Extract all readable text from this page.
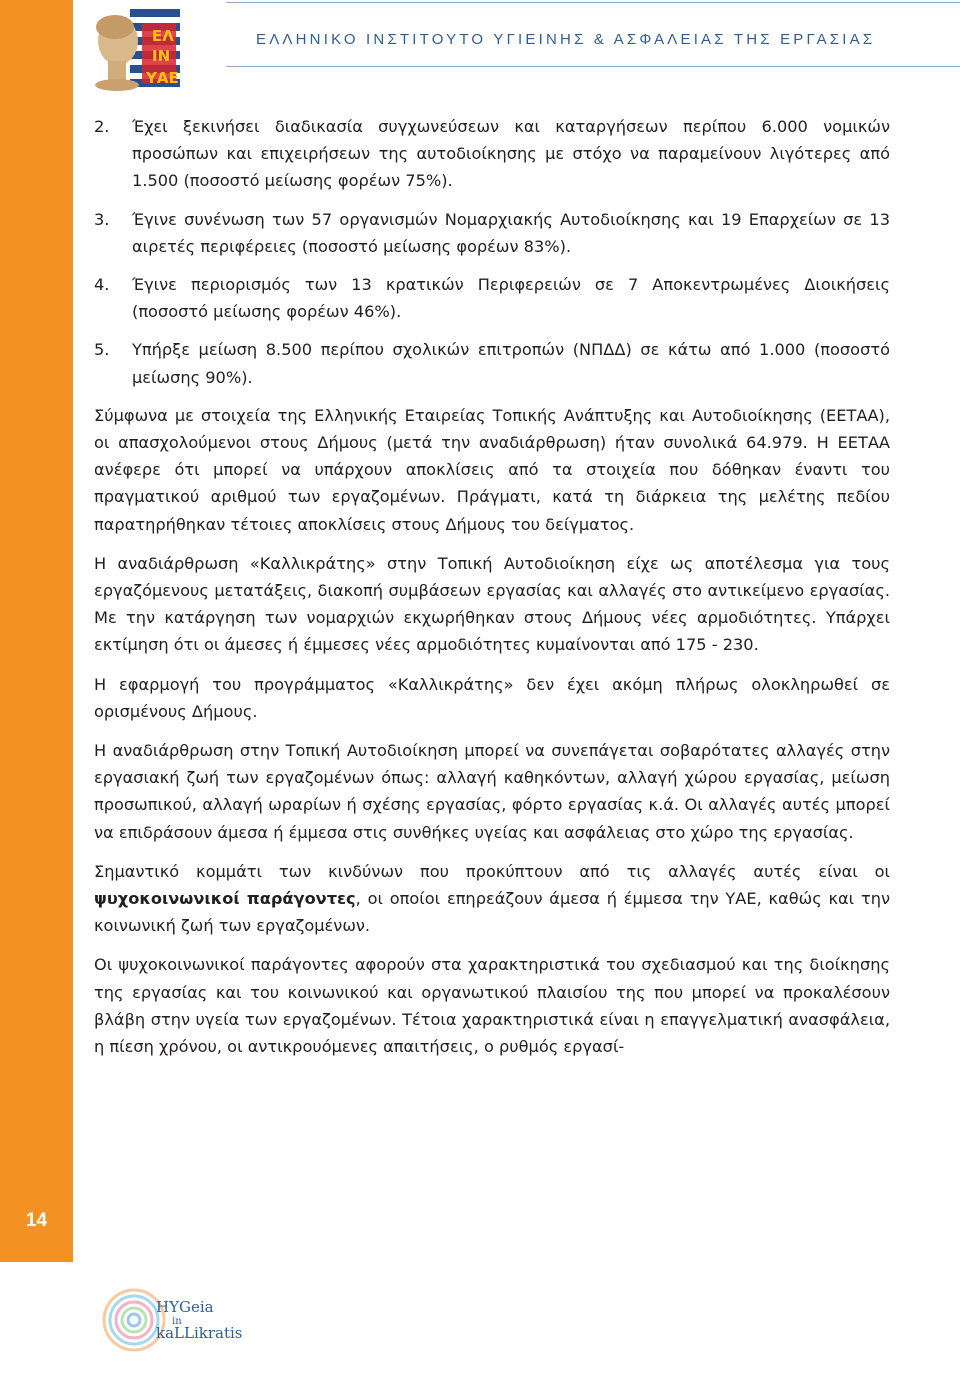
14
ΕΛ
ΙΝ
ΥΑΕ
ΕΛΛΗΝΙΚΟ ΙΝΣΤΙΤΟΥΤΟ ΥΓΙΕΙΝΗΣ & ΑΣΦΑΛΕΙΑΣ ΤΗΣ ΕΡΓΑΣΙΑΣ
2. Έχει ξεκινήσει διαδικασία συγχωνεύσεων και καταργήσεων περίπου 6.000 νομικών προσώπων και επιχειρήσεων της αυτοδιοίκησης με στόχο να παραμείνουν λιγότερες από 1.500 (ποσοστό μείωσης φορέων 75%).
3. Έγινε συνένωση των 57 οργανισμών Νομαρχιακής Αυτοδιοίκησης και 19 Επαρχείων σε 13 αιρετές περιφέρειες (ποσοστό μείωσης φορέων 83%).
4. Έγινε περιορισμός των 13 κρατικών Περιφερειών σε 7 Αποκεντρωμένες Διοικήσεις (ποσοστό μείωσης φορέων 46%).
5. Υπήρξε μείωση 8.500 περίπου σχολικών επιτροπών (ΝΠΔΔ) σε κάτω από 1.000 (ποσοστό μείωσης 90%).

Σύμφωνα με στοιχεία της Ελληνικής Εταιρείας Τοπικής Ανάπτυξης και Αυτοδιοίκησης (ΕΕΤΑΑ), οι απασχολούμενοι στους Δήμους (μετά την αναδιάρθρωση) ήταν συνολικά 64.979. Η ΕΕΤΑΑ ανέφερε ότι μπορεί να υπάρχουν αποκλίσεις από τα στοιχεία που δόθηκαν έναντι του πραγματικού αριθμού των εργαζομένων. Πράγματι, κατά τη διάρκεια της μελέτης πεδίου παρατηρήθηκαν τέτοιες αποκλίσεις στους Δήμους του δείγματος.

Η αναδιάρθρωση «Καλλικράτης» στην Τοπική Αυτοδιοίκηση είχε ως αποτέλεσμα για τους εργαζόμενους μετατάξεις, διακοπή συμβάσεων εργασίας και αλλαγές στο αντικείμενο εργασίας. Με την κατάργηση των νομαρχιών εκχωρήθηκαν στους Δήμους νέες αρμοδιότητες. Υπάρχει εκτίμηση ότι οι άμεσες ή έμμεσες νέες αρμοδιότητες κυμαίνονται από 175 - 230.

Η εφαρμογή του προγράμματος «Καλλικράτης» δεν έχει ακόμη πλήρως ολοκληρωθεί σε ορισμένους Δήμους.

Η αναδιάρθρωση στην Τοπική Αυτοδιοίκηση μπορεί να συνεπάγεται σοβαρότατες αλλαγές στην εργασιακή ζωή των εργαζομένων όπως: αλλαγή καθηκόντων, αλλαγή χώρου εργασίας, μείωση προσωπικού, αλλαγή ωραρίων ή σχέσης εργασίας, φόρτο εργασίας κ.ά. Οι αλλαγές αυτές μπορεί να επιδράσουν άμεσα ή έμμεσα στις συνθήκες υγείας και ασφάλειας στο χώρο της εργασίας.

Σημαντικό κομμάτι των κινδύνων που προκύπτουν από τις αλλαγές αυτές είναι οι ψυχοκοινωνικοί παράγοντες, οι οποίοι επηρεάζουν άμεσα ή έμμεσα την ΥΑΕ, καθώς και την κοινωνική ζωή των εργαζομένων.

Οι ψυχοκοινωνικοί παράγοντες αφορούν στα χαρακτηριστικά του σχεδιασμού και της διοίκησης της εργασίας και του κοινωνικού και οργανωτικού πλαισίου της που μπορεί να προκαλέσουν βλάβη στην υγεία των εργαζομένων. Τέτοια χαρακτηριστικά είναι η επαγγελματική ανασφάλεια, η πίεση χρόνου, οι αντικρουόμενες απαιτήσεις, ο ρυθμός εργασί-

HYGeia
in
kaLLikratis
